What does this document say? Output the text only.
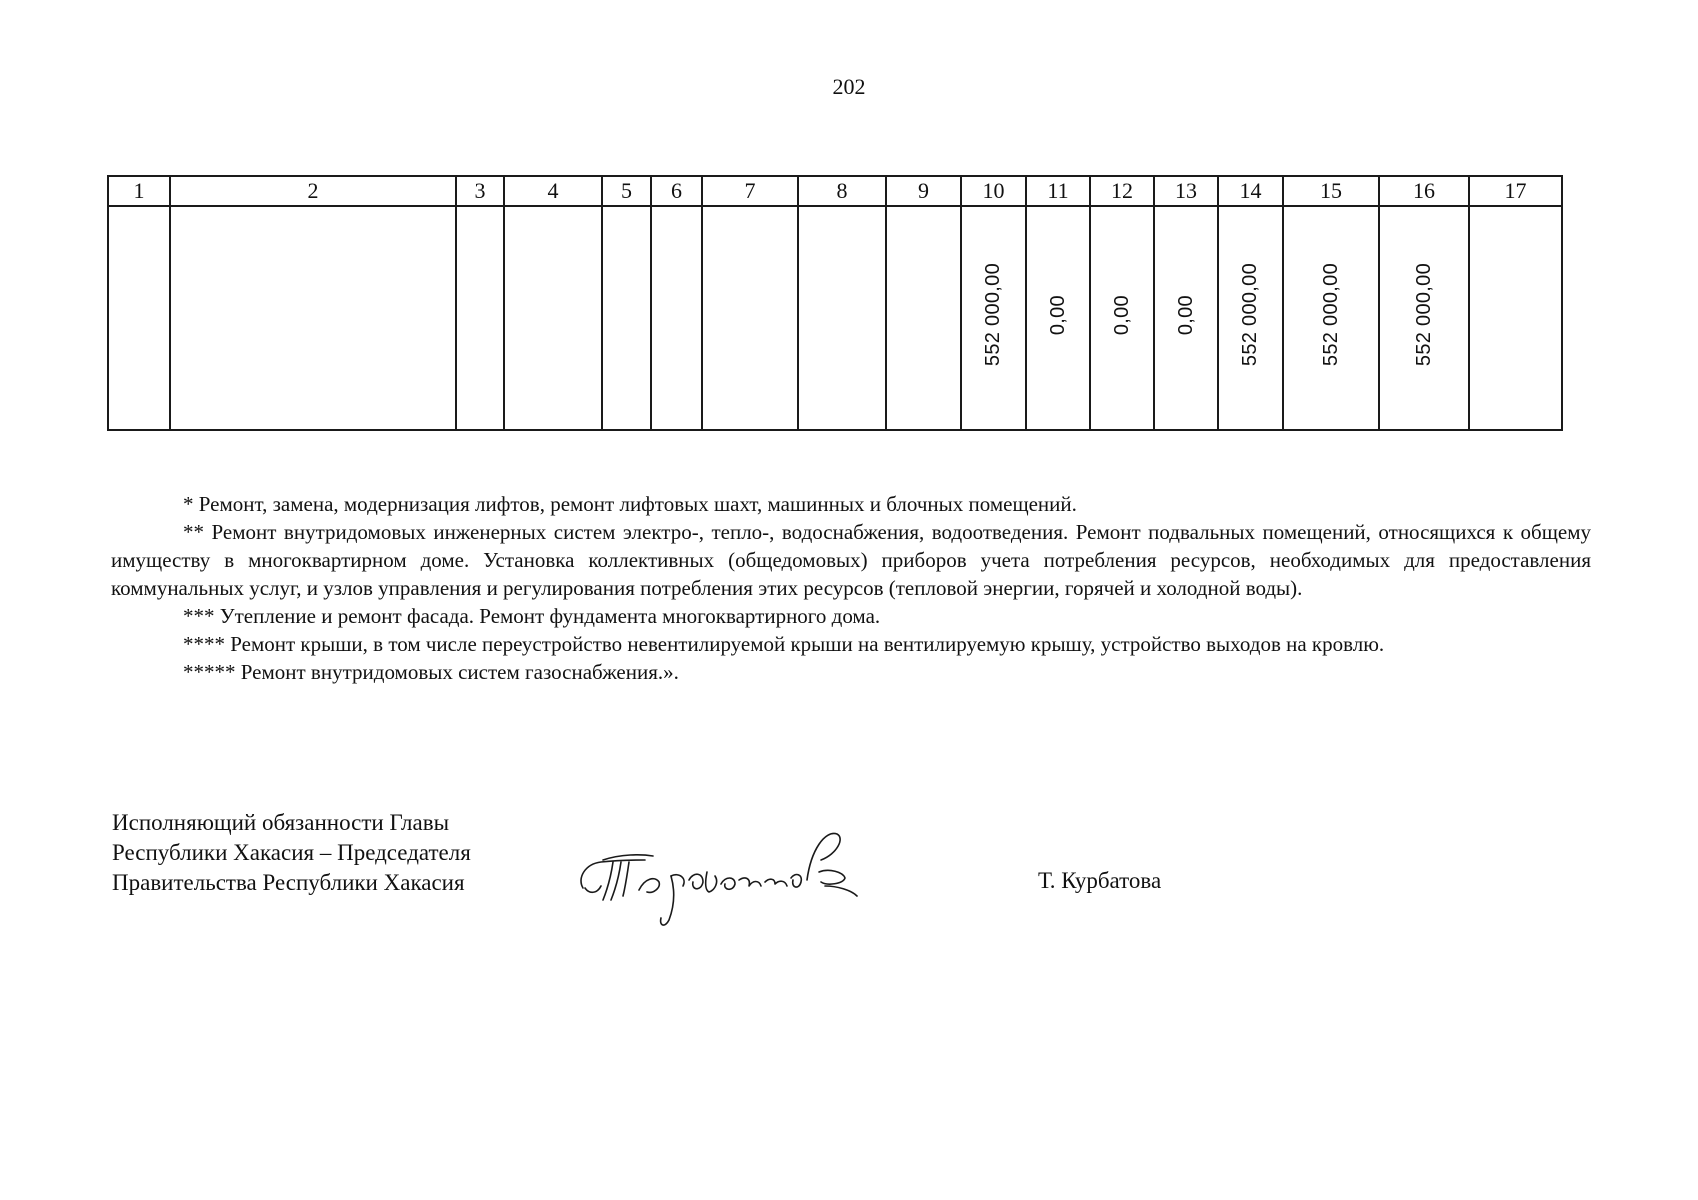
202
1	2	3	4	5	6	7	8	9	10	11	12	13	14	15	16	17
									552 000,00	0,00	0,00	0,00	552 000,00	552 000,00	552 000,00	

* Ремонт, замена, модернизация лифтов, ремонт лифтовых шахт, машинных и блочных помещений.

** Ремонт внутридомовых инженерных систем электро-, тепло-, водоснабжения, водоотведения. Ремонт подвальных помещений, относящихся к общему имуществу в многоквартирном доме. Установка коллективных (общедомовых) приборов учета потребления ресурсов, необходимых для предоставления коммунальных услуг, и узлов управления и регулирования потребления этих ресурсов (тепловой энергии, горячей и холодной воды).

*** Утепление и ремонт фасада. Ремонт фундамента многоквартирного дома.

**** Ремонт крыши, в том числе переустройство невентилируемой крыши на вентилируемую крышу, устройство выходов на кровлю.

***** Ремонт внутридомовых систем газоснабжения.».

Исполняющий обязанности Главы
Республики Хакасия – Председателя
Правительства Республики Хакасия	Т. Курбатова
